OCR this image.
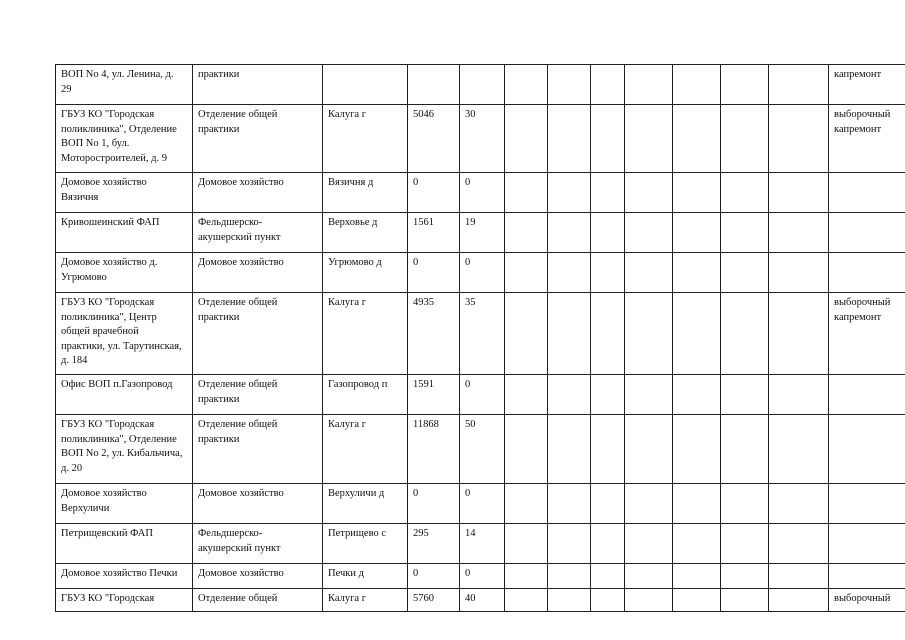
ВОП No 4, ул. Ленина, д.
29	практики											капремонт
ГБУЗ КО "Городская
поликлиника", Отделение
ВОП No 1, бул.
Моторостроителей, д. 9	Отделение общей
практики	Калуга г	5046	30								выборочный
капремонт
Домовое хозяйство
Вязичня	Домовое хозяйство	Вязичня д	0	0								
Кривошеинский ФАП	Фельдшерско-
акушерский пункт	Верховье д	1561	19								
Домовое хозяйство д.
Угрюмово	Домовое хозяйство	Угрюмово д	0	0								
ГБУЗ КО "Городская
поликлиника", Центр
общей врачебной
практики, ул. Тарутинская,
д. 184	Отделение общей
практики	Калуга г	4935	35								выборочный
капремонт
Офис ВОП п.Газопровод	Отделение общей
практики	Газопровод п	1591	0								
ГБУЗ КО "Городская
поликлиника", Отделение
ВОП No 2, ул. Кибальчича,
д. 20	Отделение общей
практики	Калуга г	11868	50								
Домовое хозяйство
Верхуличи	Домовое хозяйство	Верхуличи д	0	0								
Петрищевский ФАП	Фельдшерско-
акушерский пункт	Петрищево с	295	14								
Домовое хозяйство Печки	Домовое хозяйство	Печки д	0	0								
ГБУЗ КО "Городская	Отделение общей	Калуга г	5760	40								выборочный
